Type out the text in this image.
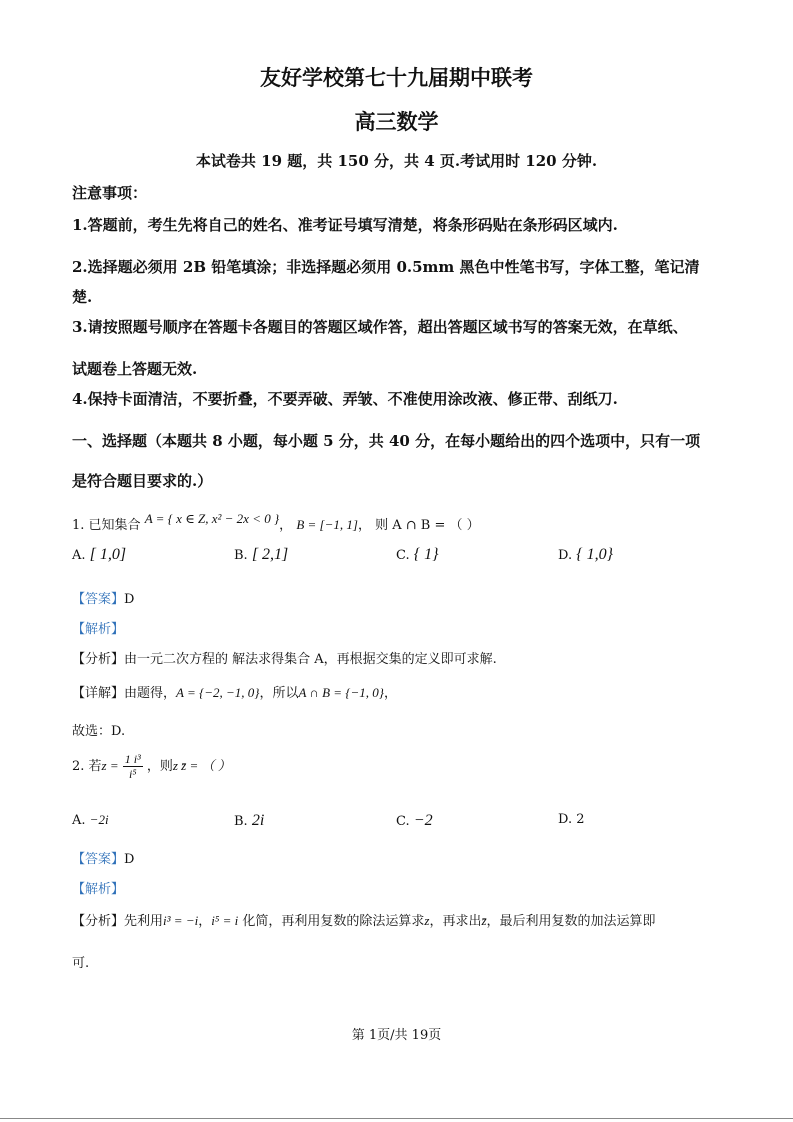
友好学校第七十九届期中联考
高三数学
本试卷共 19 题，共 150 分，共 4 页.考试用时 120 分钟.
注意事项：
1.答题前，考生先将自己的姓名、准考证号填写清楚，将条形码贴在条形码区域内.
2.选择题必须用 2B 铅笔填涂；非选择题必须用 0.5mm 黑色中性笔书写，字体工整，笔记清
楚.
3.请按照题号顺序在答题卡各题目的答题区域作答，超出答题区域书写的答案无效，在草纸、
试题卷上答题无效.
4.保持卡面清洁，不要折叠，不要弄破、弄皱、不准使用涂改液、修正带、刮纸刀.
一、选择题（本题共 8 小题，每小题 5 分，共 40 分，在每小题给出的四个选项中，只有一项
是符合题目要求的.）
1. 已知集合 A = { x ∈ Z, x² − 2x < 0 }， B = [−1, 1]， 则 A ∩ B = （ ）
A. [ 1,0]	B. [ 2,1]	C. { 1}	D. { 1,0}
【答案】D
【解析】
【分析】由一元二次方程的 解法求得集合 A，再根据交集的定义即可求解.
【详解】由题得，A = {−2, −1, 0}，所以A ∩ B = {−1, 0}，
故选：D.
2. 若$z = \frac{\text{1 i³}}{\text{i⁵}}$ ，则z z̄ = （ ）
A. −2i	B. 2i	C. −2	D. 2
【答案】D
【解析】
【分析】先利用i³ = −i，i⁵ = i 化简，再利用复数的除法运算求z，再求出z̄，最后利用复数的加法运算即
可.
第 1页/共 19页
